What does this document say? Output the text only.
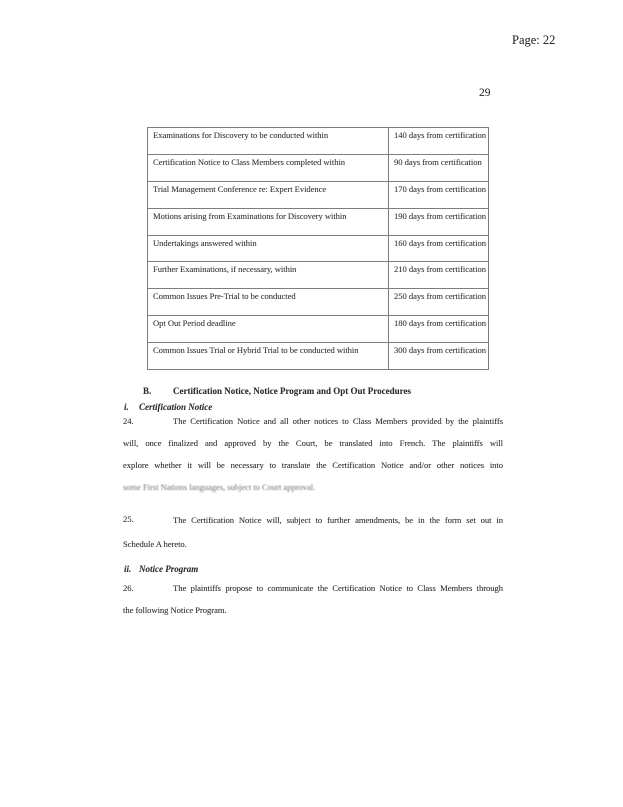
Page: 22
29
Examinations for Discovery to be conducted within	140 days from certification
Certification Notice to Class Members completed within	90 days from certification
Trial Management Conference re: Expert Evidence	170 days from certification
Motions arising from Examinations for Discovery within	190 days from certification
Undertakings answered within	160 days from certification
Further Examinations, if necessary, within	210 days from certification
Common Issues Pre-Trial to be conducted	250 days from certification
Opt Out Period deadline	180 days from certification
Common Issues Trial or Hybrid Trial to be conducted within	300 days from certification
B. Certification Notice, Notice Program and Opt Out Procedures
i. Certification Notice
24.	The Certification Notice and all other notices to Class Members provided by the plaintiffs
will, once finalized and approved by the Court, be translated into French. The plaintiffs will
explore whether it will be necessary to translate the Certification Notice and/or other notices into
some First Nations languages, subject to Court approval.
25.	The Certification Notice will, subject to further amendments, be in the form set out in
Schedule A hereto.
ii. Notice Program
26.	The plaintiffs propose to communicate the Certification Notice to Class Members through
the following Notice Program.
